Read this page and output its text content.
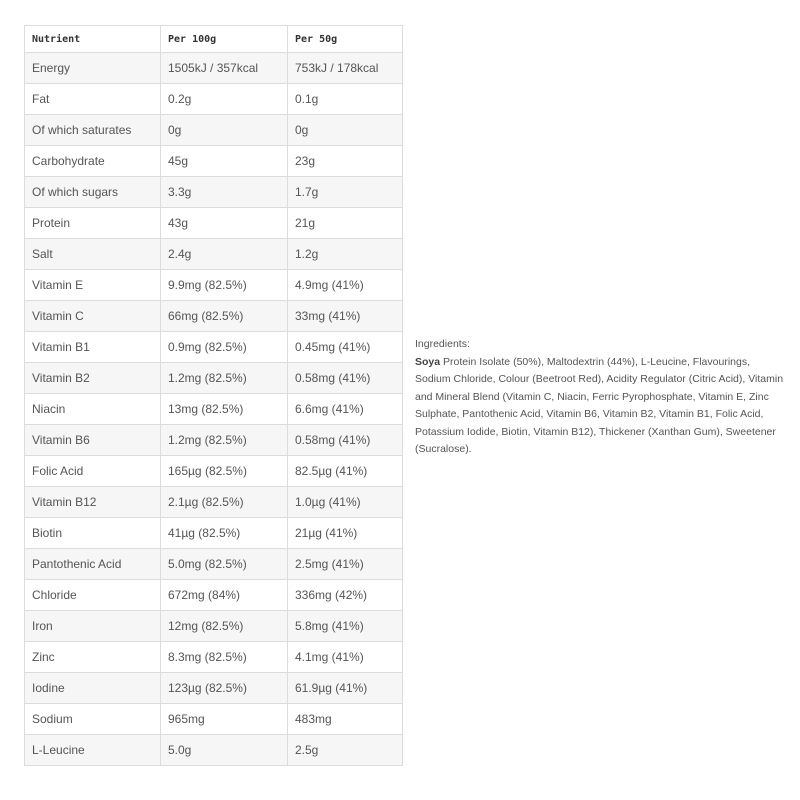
Nutrient	Per 100g	Per 50g
Energy	1505kJ / 357kcal	753kJ / 178kcal
Fat	0.2g	0.1g
Of which saturates	0g	0g
Carbohydrate	45g	23g
Of which sugars	3.3g	1.7g
Protein	43g	21g
Salt	2.4g	1.2g
Vitamin E	9.9mg (82.5%)	4.9mg (41%)
Vitamin C	66mg (82.5%)	33mg (41%)
Vitamin B1	0.9mg (82.5%)	0.45mg (41%)
Vitamin B2	1.2mg (82.5%)	0.58mg (41%)
Niacin	13mg (82.5%)	6.6mg (41%)
Vitamin B6	1.2mg (82.5%)	0.58mg (41%)
Folic Acid	165µg (82.5%)	82.5µg (41%)
Vitamin B12	2.1µg (82.5%)	1.0µg (41%)
Biotin	41µg (82.5%)	21µg (41%)
Pantothenic Acid	5.0mg (82.5%)	2.5mg (41%)
Chloride	672mg (84%)	336mg (42%)
Iron	12mg (82.5%)	5.8mg (41%)
Zinc	8.3mg (82.5%)	4.1mg (41%)
Iodine	123µg (82.5%)	61.9µg (41%)
Sodium	965mg	483mg
L-Leucine	5.0g	2.5g
Ingredients:
Soya Protein Isolate (50%), Maltodextrin (44%), L-Leucine, Flavourings, Sodium Chloride, Colour (Beetroot Red), Acidity Regulator (Citric Acid), Vitamin and Mineral Blend (Vitamin C, Niacin, Ferric Pyrophosphate, Vitamin E, Zinc Sulphate, Pantothenic Acid, Vitamin B6, Vitamin B2, Vitamin B1, Folic Acid, Potassium Iodide, Biotin, Vitamin B12), Thickener (Xanthan Gum), Sweetener (Sucralose).
